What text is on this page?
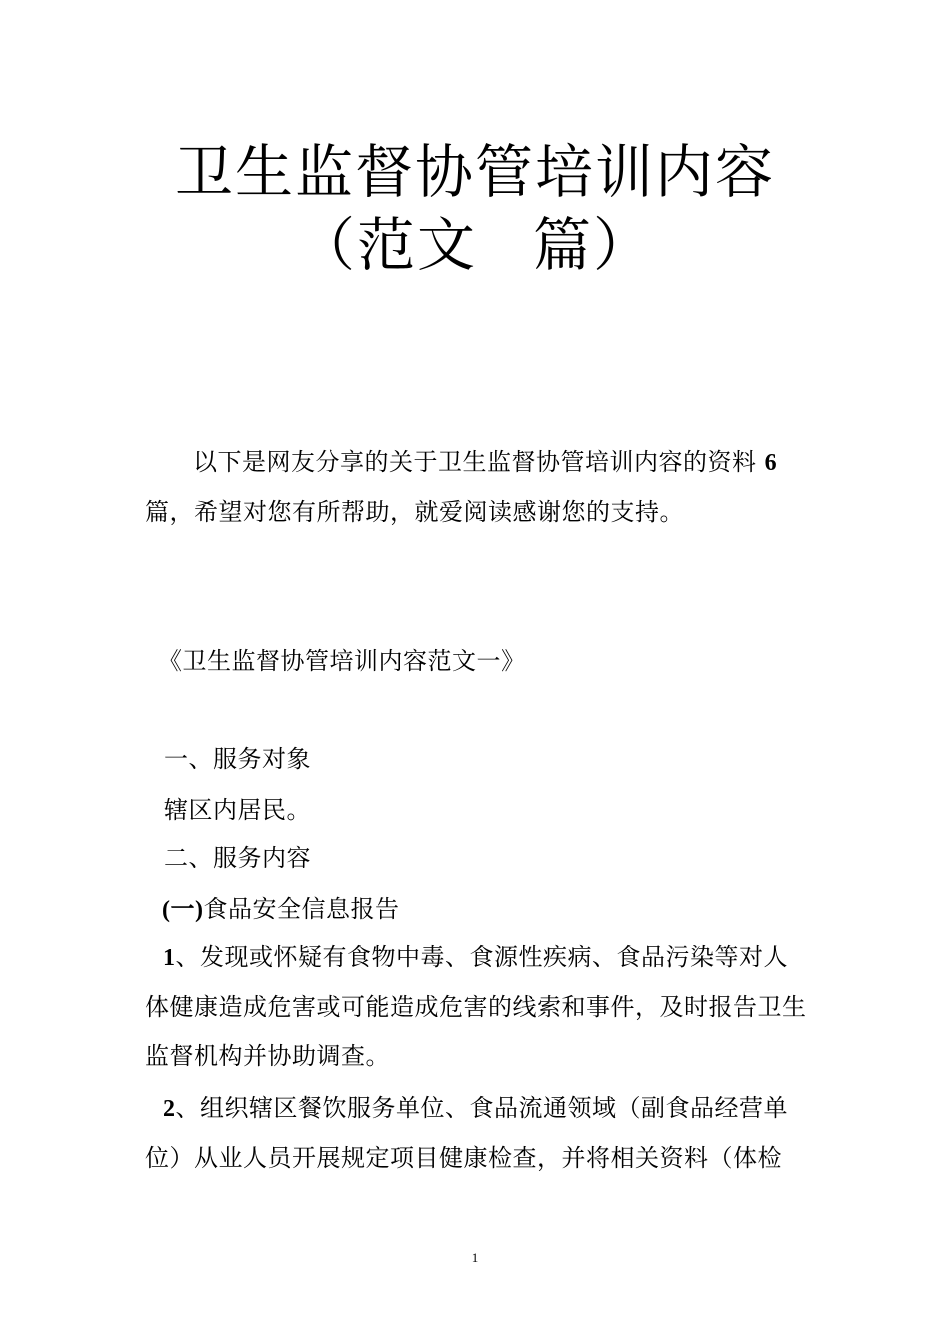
卫生监督协管培训内容
（范文 篇）
以下是网友分享的关于卫生监督协管培训内容的资料 6篇，希望对您有所帮助，就爱阅读感谢您的支持。
《卫生监督协管培训内容范文一》
一、服务对象
辖区内居民。
二、服务内容
(一)食品安全信息报告
1、发现或怀疑有食物中毒、食源性疾病、食品污染等对人体健康造成危害或可能造成危害的线索和事件，及时报告卫生监督机构并协助调查。
2、组织辖区餐饮服务单位、食品流通领域（副食品经营单位）从业人员开展规定项目健康检查，并将相关资料（体检
1
